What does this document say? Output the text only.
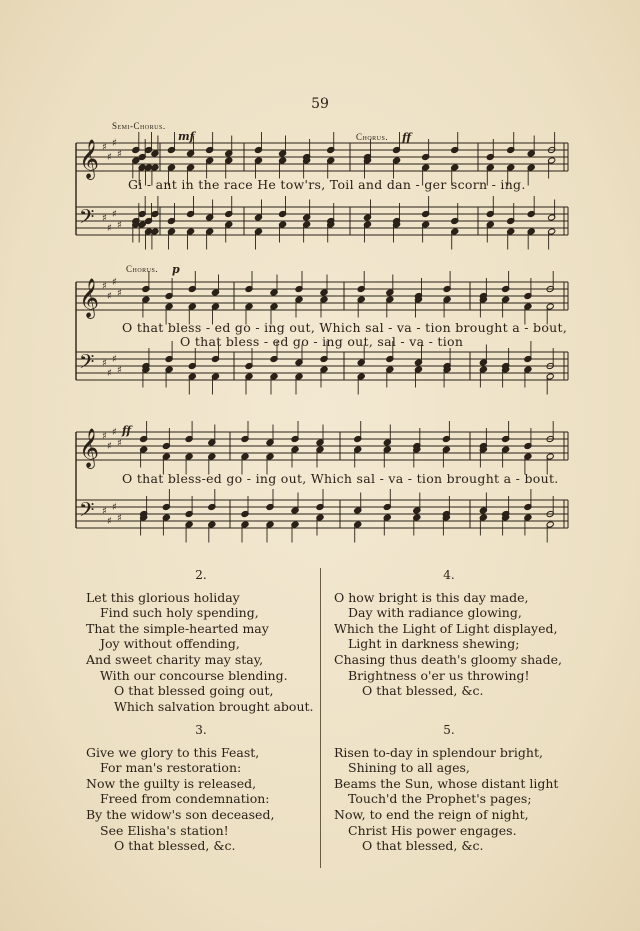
59
𝄞 ♯
♯
♯
♯
𝄢 ♯
♯
♯
♯
𝄞 ♯
♯
♯
♯
𝄢 ♯
♯
♯
♯
𝄞 ♯
♯
♯
♯
𝄢 ♯
♯
♯
♯
Semi-Chorus.
mf	Chorus. ff
Chorus. p
ff
Gi - ant in the race He tow'rs, Toil and dan - ger scorn - ing.
O that bless - ed go - ing out, Which sal - va - tion brought a - bout,
O that bless - ed go - ing out, sal - va - tion
O that bless-ed go - ing out, Which sal - va - tion brought a - bout.
2.
Let this glorious holiday
Find such holy spending,
That the simple-hearted may
Joy without offending,
And sweet charity may stay,
With our concourse blending.
O that blessed going out,
Which salvation brought about.
3.
Give we glory to this Feast,
For man's restoration:
Now the guilty is released,
Freed from condemnation:
By the widow's son deceased,
See Elisha's station!
O that blessed, &c.
4.
O how bright is this day made,
Day with radiance glowing,
Which the Light of Light displayed,
Light in darkness shewing;
Chasing thus death's gloomy shade,
Brightness o'er us throwing!
O that blessed, &c.
5.
Risen to-day in splendour bright,
Shining to all ages,
Beams the Sun, whose distant light
Touch'd the Prophet's pages;
Now, to end the reign of night,
Christ His power engages.
O that blessed, &c.
